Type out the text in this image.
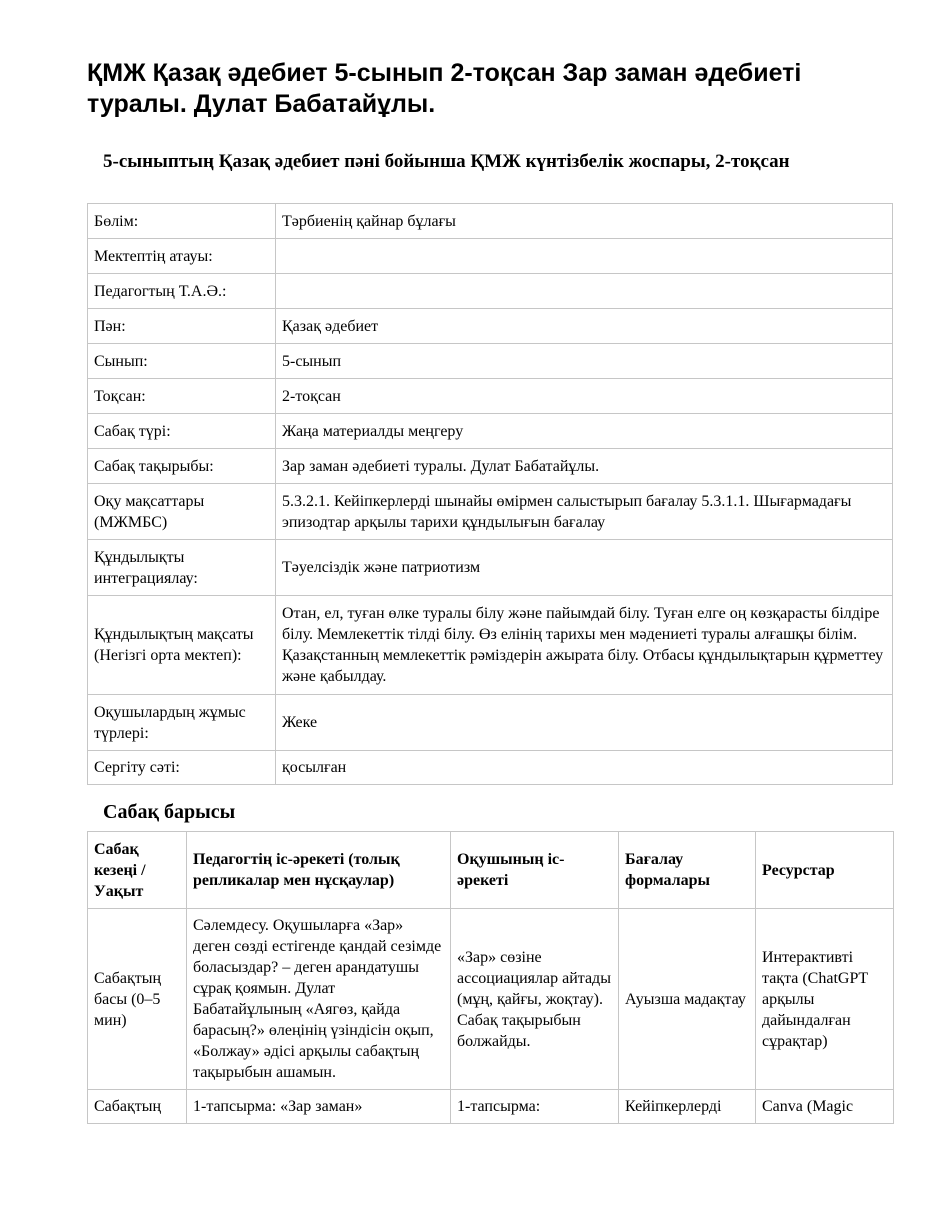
ҚМЖ Қазақ әдебиет 5-сынып 2-тоқсан Зар заман әдебиеті туралы. Дулат Бабатайұлы.
5-сыныптың Қазақ әдебиет пәні бойынша ҚМЖ күнтізбелік жоспары, 2-тоқсан
Бөлім:	Тәрбиенің қайнар бұлағы
Мектептің атауы:	
Педагогтың Т.А.Ә.:	
Пән:	Қазақ әдебиет
Сынып:	5-сынып
Тоқсан:	2-тоқсан
Сабақ түрі:	Жаңа материалды меңгеру
Сабақ тақырыбы:	Зар заман әдебиеті туралы. Дулат Бабатайұлы.
Оқу мақсаттары (МЖМБС)	5.3.2.1. Кейіпкерлерді шынайы өмірмен салыстырып бағалау 5.3.1.1. Шығармадағы эпизодтар арқылы тарихи құндылығын бағалау
Құндылықты интеграциялау:	Тәуелсіздік және патриотизм
Құндылықтың мақсаты (Негізгі орта мектеп):	Отан, ел, туған өлке туралы білу және пайымдай білу. Туған елге оң көзқарасты білдіре білу. Мемлекеттік тілді білу. Өз елінің тарихы мен мәдениеті туралы алғашқы білім. Қазақстанның мемлекеттік рәміздерін ажырата білу. Отбасы құндылықтарын құрметтеу және қабылдау.
Оқушылардың жұмыс түрлері:	Жеке
Сергіту сәті:	қосылған
Сабақ барысы
Сабақ кезеңі / Уақыт	Педагогтің іс-әрекеті (толық репликалар мен нұсқаулар)	Оқушының іс-әрекеті	Бағалау формалары	Ресурстар
Сабақтың басы (0–5 мин)	Сәлемдесу. Оқушыларға «Зар» деген сөзді естігенде қандай сезімде боласыздар? – деген арандатушы сұрақ қоямын. Дулат Бабатайұлының «Аягөз, қайда барасың?» өлеңінің үзіндісін оқып, «Болжау» әдісі арқылы сабақтың тақырыбын ашамын.	«Зар» сөзіне ассоциациялар айтады (мұң, қайғы, жоқтау). Сабақ тақырыбын болжайды.	Ауызша мадақтау	Интерактивті тақта (ChatGPT арқылы дайындалған сұрақтар)
Сабақтың	1-тапсырма: «Зар заман»	1-тапсырма:	Кейіпкерлерді	Canva (Magic
